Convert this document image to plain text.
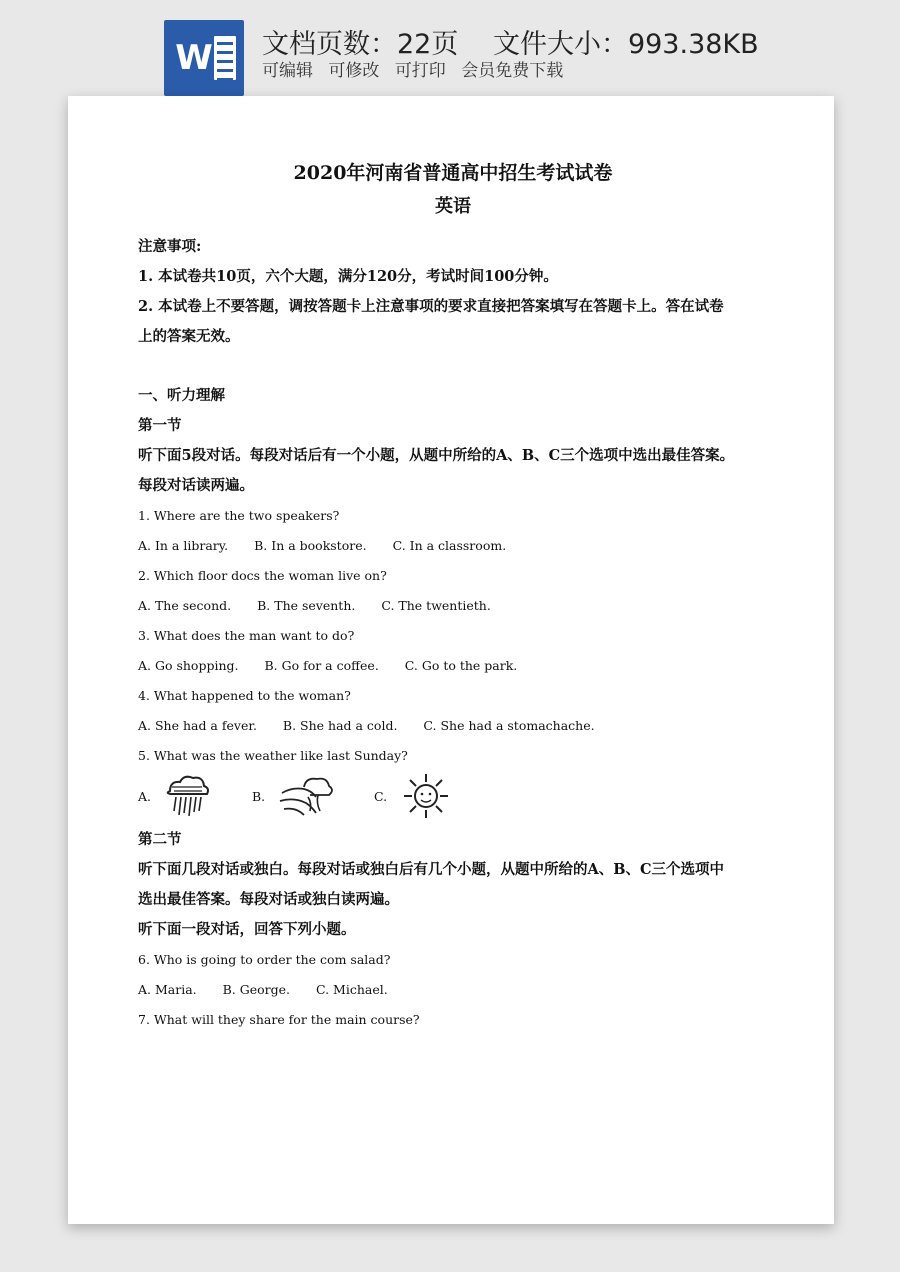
W 文档页数：22页 文件大小：993.38KB
可编辑 可修改 可打印 会员免费下载
2020年河南省普通高中招生考试试卷
英语
注意事项:
1. 本试卷共10页，六个大题，满分120分，考试时间100分钟。
2. 本试卷上不要答题，调按答题卡上注意事项的要求直接把答案填写在答题卡上。答在试卷
上的答案无效。
一、听力理解
第一节
听下面5段对话。每段对话后有一个小题，从题中所给的A、B、C三个选项中选出最佳答案。
每段对话读两遍。
1. Where are the two speakers?
A. In a library. B. In a bookstore. C. In a classroom.
2. Which floor docs the woman live on?
A. The second. B. The seventh. C. The twentieth.
3. What does the man want to do?
A. Go shopping. B. Go for a coffee. C. Go to the park.
4. What happened to the woman?
A. She had a fever. B. She had a cold. C. She had a stomachache.
5. What was the weather like last Sunday?
A.	B.	C.
第二节
听下面几段对话或独白。每段对话或独白后有几个小题，从题中所给的A、B、C三个选项中
选出最佳答案。每段对话或独白读两遍。
听下面一段对话，回答下列小题。
6. Who is going to order the com salad?
A. Maria. B. George. C. Michael.
7. What will they share for the main course?
